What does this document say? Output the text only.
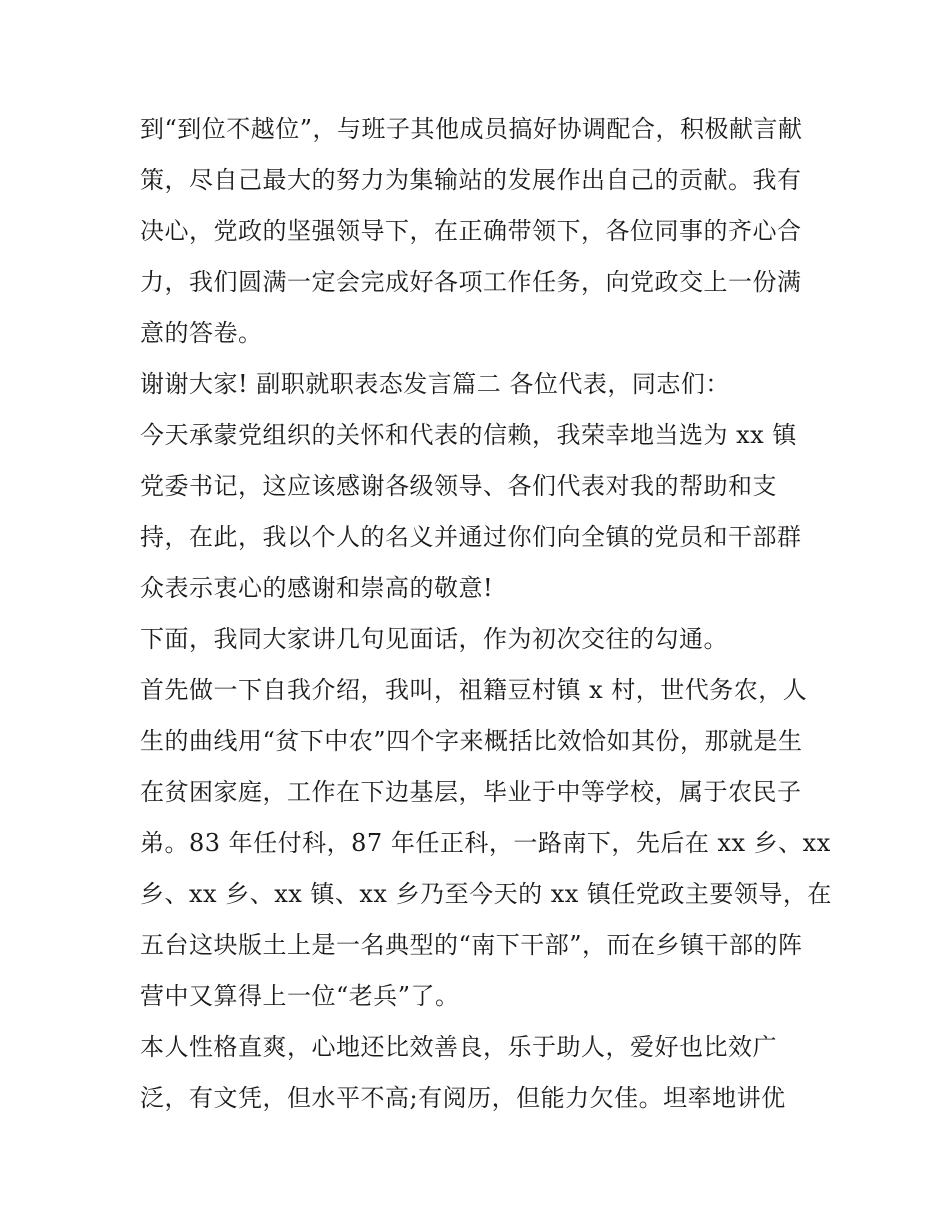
到“到位不越位”，与班子其他成员搞好协调配合，积极献言献
策，尽自己最大的努力为集输站的发展作出自己的贡献。我有
决心，党政的坚强领导下，在正确带领下，各位同事的齐心合
力，我们圆满一定会完成好各项工作任务，向党政交上一份满
意的答卷。
谢谢大家! 副职就职表态发言篇二 各位代表，同志们：
今天承蒙党组织的关怀和代表的信赖，我荣幸地当选为 xx 镇
党委书记，这应该感谢各级领导、各们代表对我的帮助和支
持，在此，我以个人的名义并通过你们向全镇的党员和干部群
众表示衷心的感谢和崇高的敬意!
下面，我同大家讲几句见面话，作为初次交往的勾通。
首先做一下自我介绍，我叫，祖籍豆村镇 x 村，世代务农，人
生的曲线用“贫下中农”四个字来概括比效恰如其份，那就是生
在贫困家庭，工作在下边基层，毕业于中等学校，属于农民子
弟。83 年任付科，87 年任正科，一路南下，先后在 xx 乡、xx
乡、xx 乡、xx 镇、xx 乡乃至今天的 xx 镇任党政主要领导，在
五台这块版土上是一名典型的“南下干部”，而在乡镇干部的阵
营中又算得上一位“老兵”了。
本人性格直爽，心地还比效善良，乐于助人，爱好也比效广
泛，有文凭，但水平不高;有阅历，但能力欠佳。坦率地讲优
